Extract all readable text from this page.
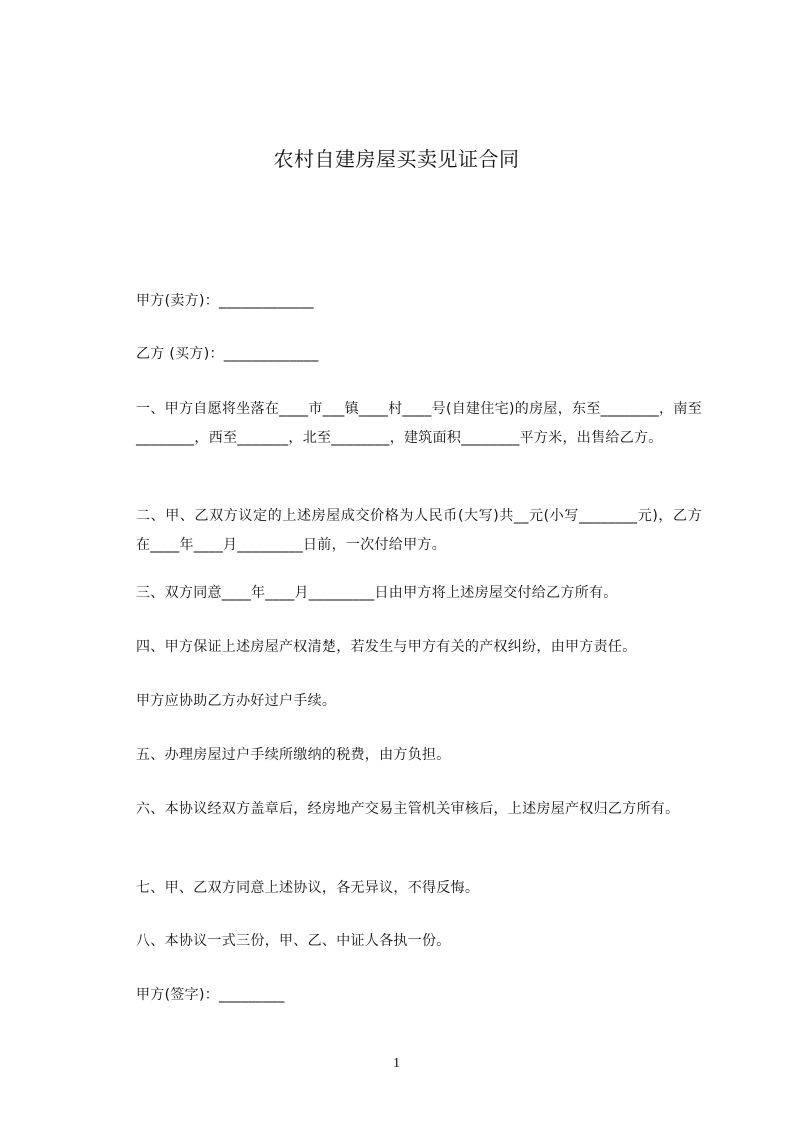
农村自建房屋买卖见证合同
甲方(卖方)：_____________
乙方 (买方)：_____________
一、甲方自愿将坐落在____市___镇____村____号(自建住宅)的房屋，东至________，南至________，西至_______，北至________，建筑面积________平方米，出售给乙方。
二、甲、乙双方议定的上述房屋成交价格为人民币(大写)共__元(小写________元)，乙方在____年____月_________日前，一次付给甲方。
三、双方同意____年____月_________日由甲方将上述房屋交付给乙方所有。
四、甲方保证上述房屋产权清楚，若发生与甲方有关的产权纠纷，由甲方责任。
甲方应协助乙方办好过户手续。
五、办理房屋过户手续所缴纳的税费，由方负担。
六、本协议经双方盖章后，经房地产交易主管机关审核后，上述房屋产权归乙方所有。
七、甲、乙双方同意上述协议，各无异议，不得反悔。
八、本协议一式三份，甲、乙、中证人各执一份。
甲方(签字)：_________
1
